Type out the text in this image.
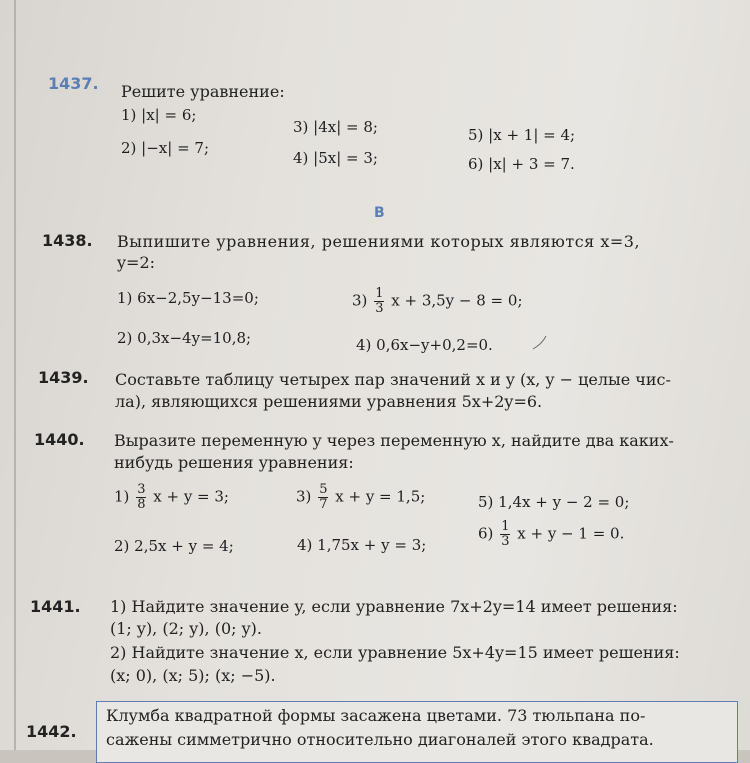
1437. Решите уравнение:
1) |x| = 6;
2) |−x| = 7;
3) |4x| = 8;
4) |5x| = 3;
5) |x + 1| = 4;
6) |x| + 3 = 7.
В
1438. Выпишите уравнения, решениями которых являются x=3,
y=2:
1) 6x−2,5y−13=0;
2) 0,3x−4y=10,8;
$3) \frac{1}{3}$ x + 3,5y − 8 = 0;
4) 0,6x−y+0,2=0.
1439. Составьте таблицу четырех пар значений x и y (x, y − целые чис-
ла), являющихся решениями уравнения 5x+2y=6.
1440. Выразите переменную y через переменную x, найдите два каких-
нибудь решения уравнения:
$1) \frac{3}{8}$ x + y = 3;
2) 2,5x + y = 4;
$3) \frac{5}{7}$ x + y = 1,5;
4) 1,75x + y = 3;
5) 1,4x + y − 2 = 0;
$6) \frac{1}{3}$ x + y − 1 = 0.
1441. 1) Найдите значение y, если уравнение 7x+2y=14 имеет решения:
(1; y), (2; y), (0; y).
2) Найдите значение x, если уравнение 5x+4y=15 имеет решения:
(x; 0), (x; 5); (x; −5).
1442.
Клумба квадратной формы засажена цветами. 73 тюльпана по-
сажены симметрично относительно диагоналей этого квадрата.
